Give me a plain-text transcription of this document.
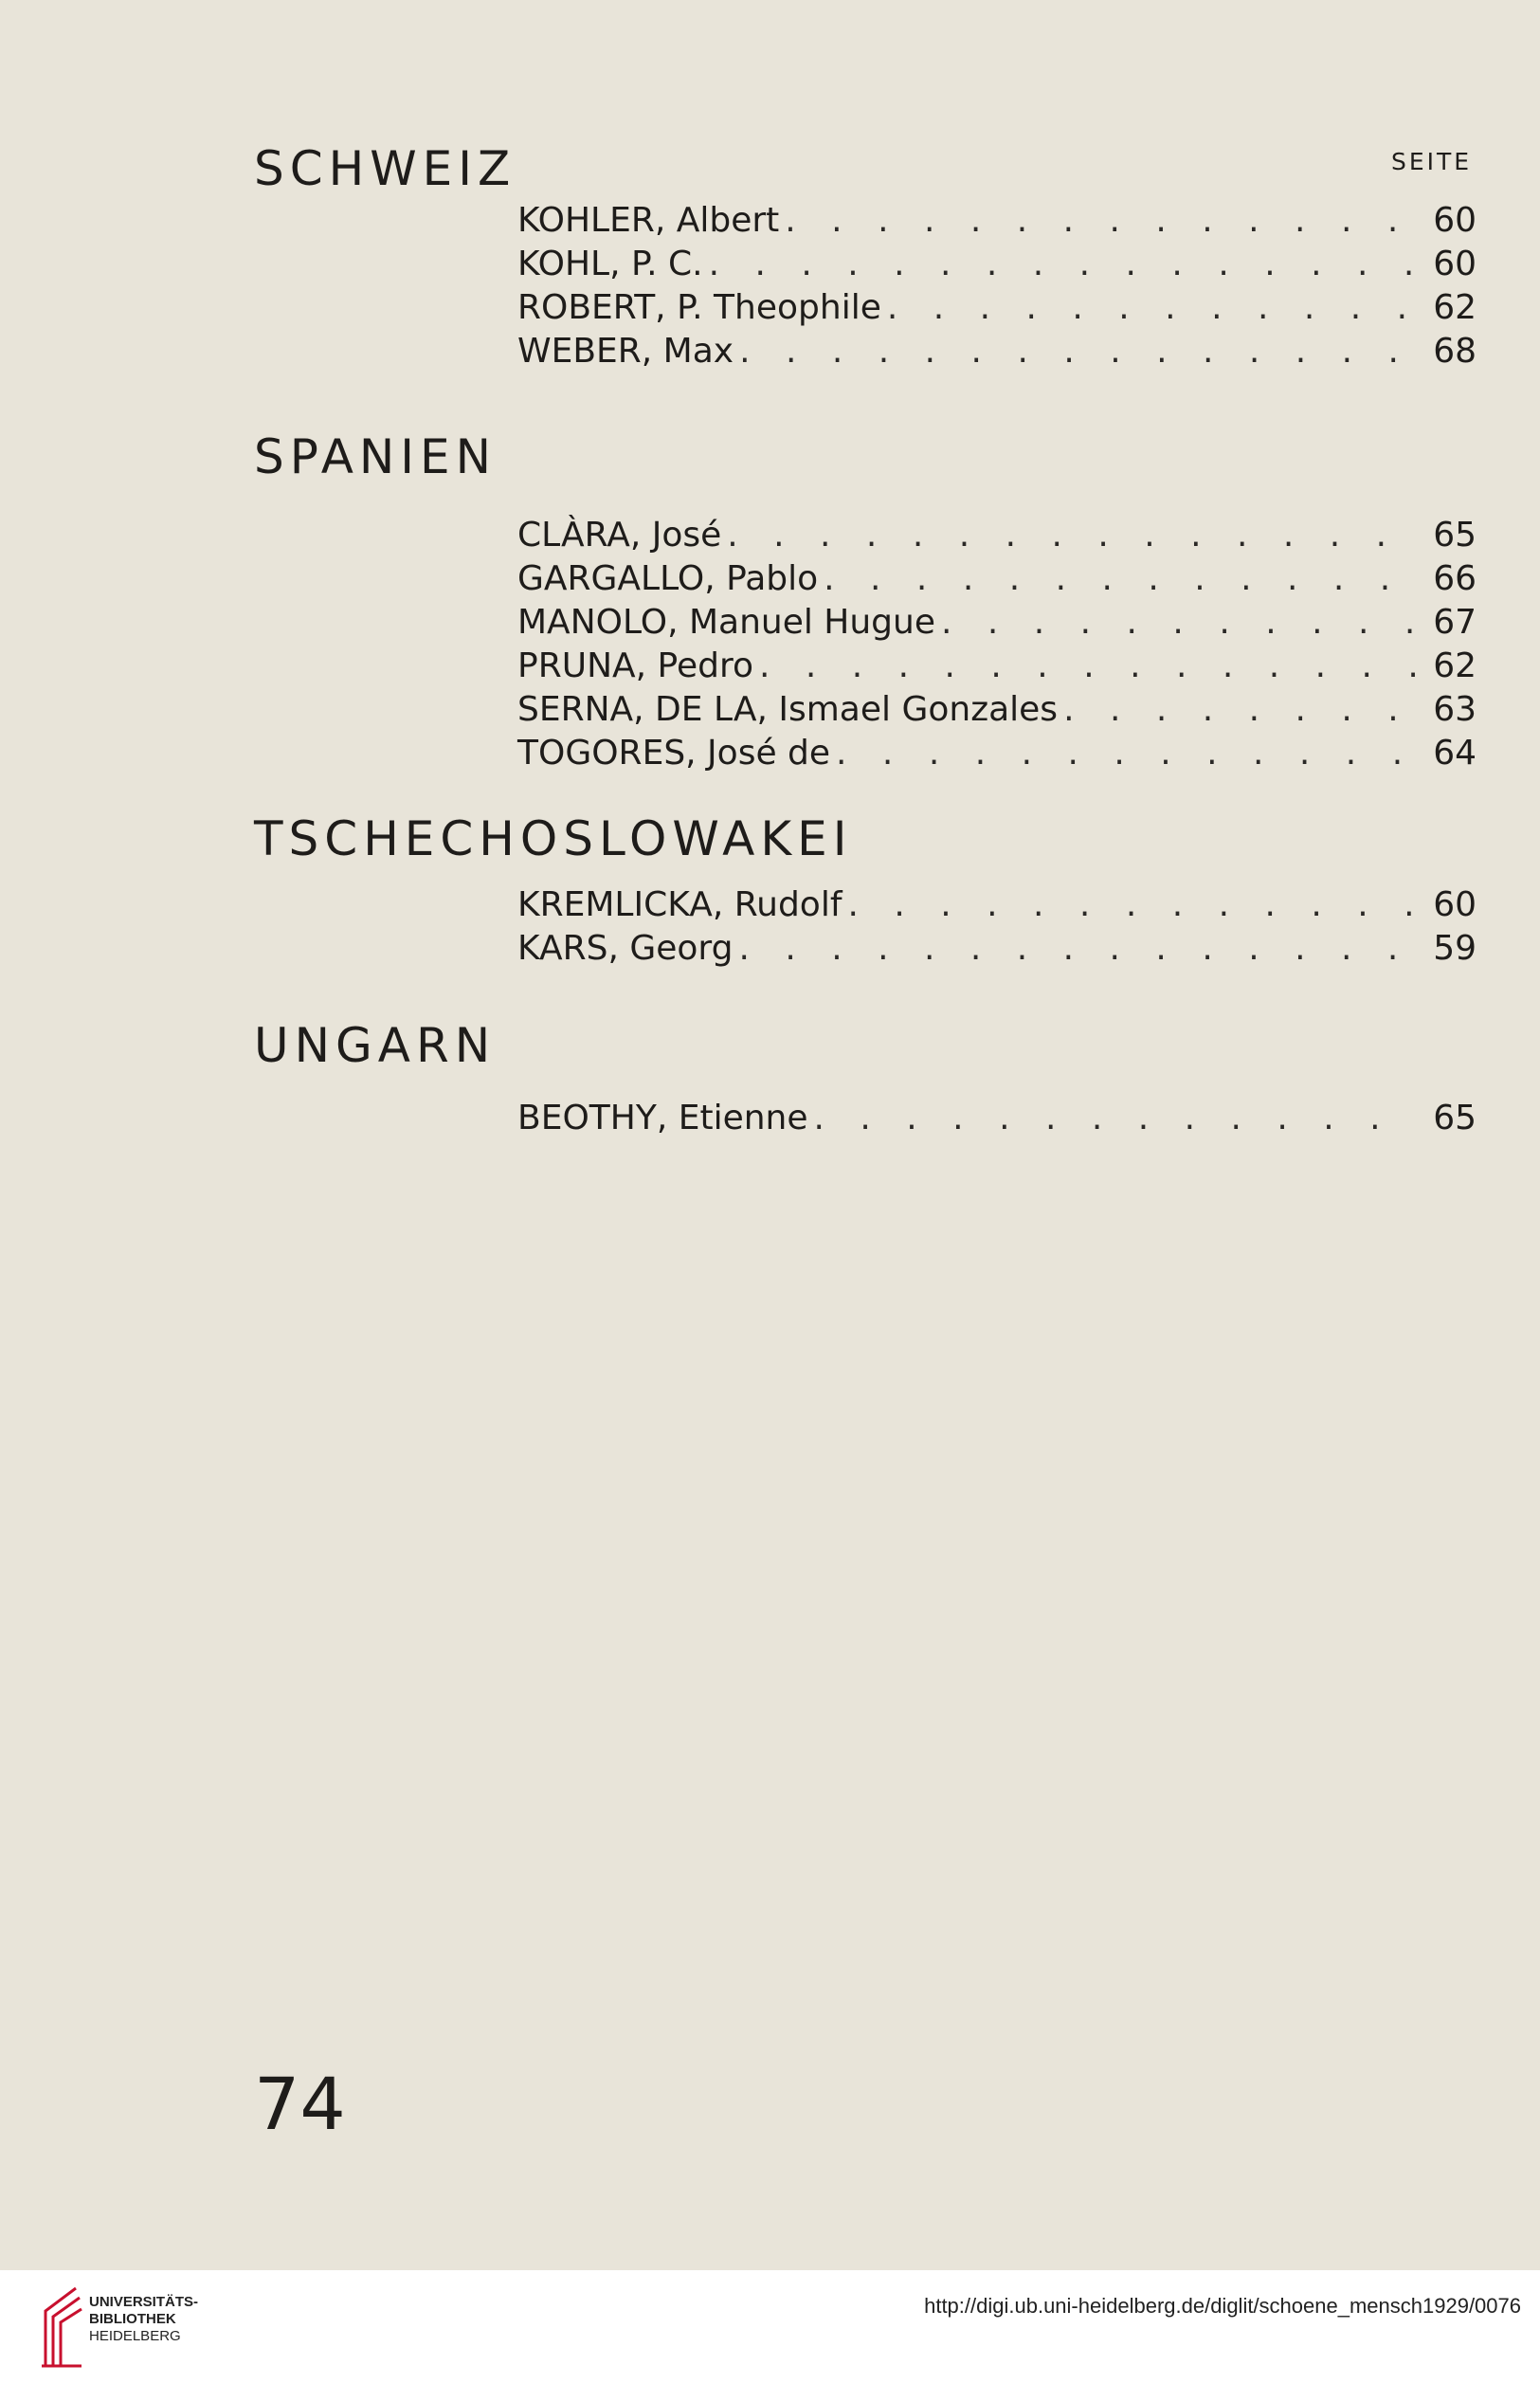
SEITE
SCHWEIZ
KOHLER, Albert . . .	60
KOHL, P. C. . . .	60
ROBERT, P. Theophile . . .	62
WEBER, Max . . .	68
SPANIEN
CLÀRA, José . . .	65
GARGALLO, Pablo . . .	66
MANOLO, Manuel Hugue . . .	67
PRUNA, Pedro . . .	62
SERNA, DE LA, Ismael Gonzales . . .	63
TOGORES, José de . . .	64
TSCHECHOSLOWAKEI
KREMLICKA, Rudolf . . .	60
KARS, Georg . . .	59
UNGARN
BEOTHY, Etienne . . .	65
74
UNIVERSITÄTS-
BIBLIOTHEK
HEIDELBERG
http://digi.ub.uni-heidelberg.de/diglit/schoene_mensch1929/0076
